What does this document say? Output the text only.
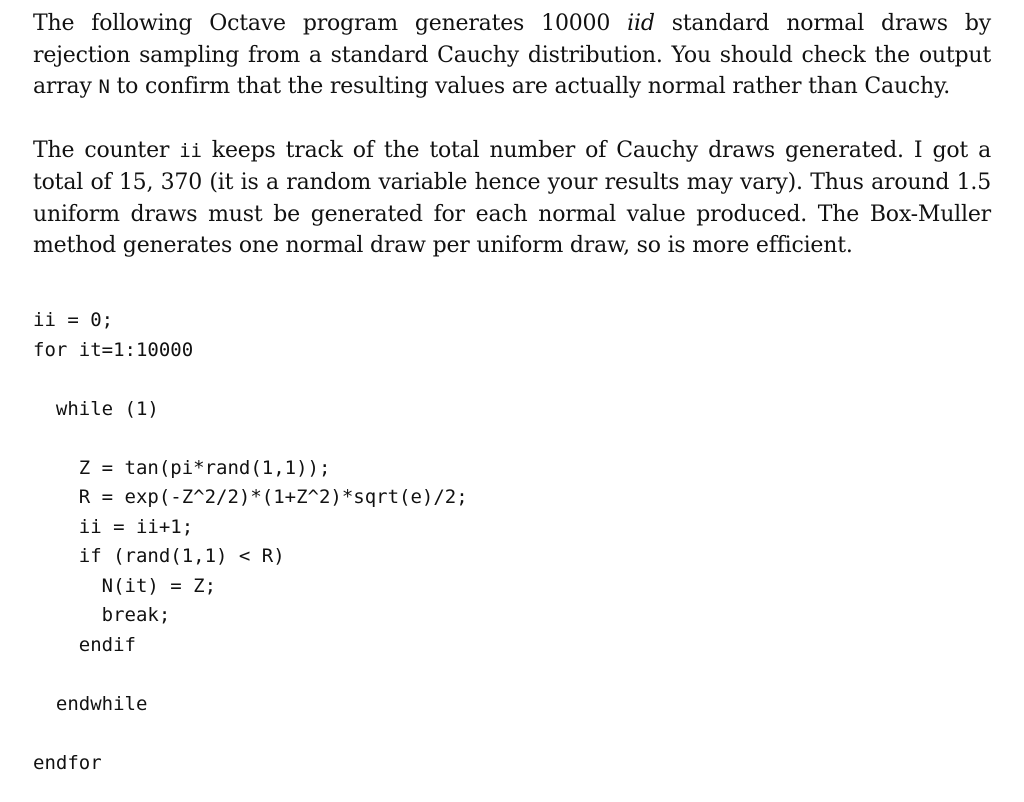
The following Octave program generates 10000 iid standard normal draws by rejection sampling from a standard Cauchy distribution. You should check the output array N to confirm that the resulting values are actually normal rather than Cauchy.

The counter ii keeps track of the total number of Cauchy draws generated. I got a total of 15, 370 (it is a random variable hence your results may vary). Thus around 1.5 uniform draws must be generated for each normal value produced. The Box-Muller method generates one normal draw per uniform draw, so is more efficient.

ii = 0;
for it=1:10000
while (1)
Z = tan(pi*rand(1,1));
R = exp(-Z^2/2)*(1+Z^2)*sqrt(e)/2;
ii = ii+1;
if (rand(1,1) < R)
N(it) = Z;
break;
endif
endwhile
endfor
